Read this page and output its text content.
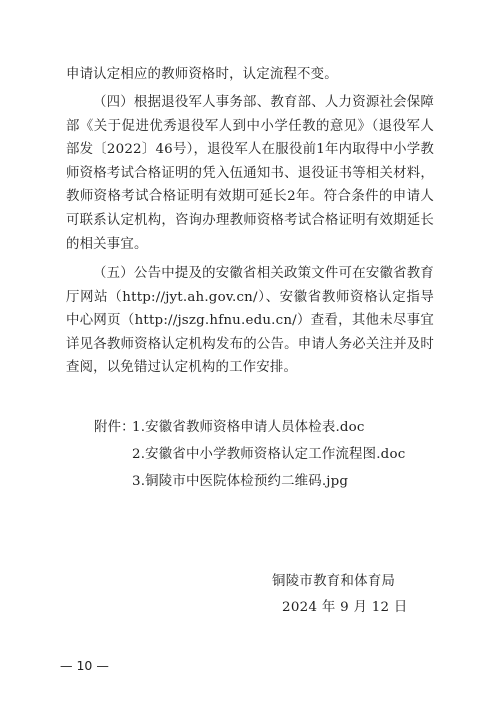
申请认定相应的教师资格时，认定流程不变。
（四）根据退役军人事务部、教育部、人力资源社会保障部《关于促进优秀退役军人到中小学任教的意见》（退役军人部发〔2022〕46号），退役军人在服役前1年内取得中小学教师资格考试合格证明的凭入伍通知书、退役证书等相关材料，教师资格考试合格证明有效期可延长2年。符合条件的申请人可联系认定机构，咨询办理教师资格考试合格证明有效期延长的相关事宜。
（五）公告中提及的安徽省相关政策文件可在安徽省教育厅网站（http://jyt.ah.gov.cn/）、安徽省教师资格认定指导中心网页（http://jszg.hfnu.edu.cn/）查看，其他未尽事宜详见各教师资格认定机构发布的公告。申请人务必关注并及时查阅，以免错过认定机构的工作安排。
附件：
1.安徽省教师资格申请人员体检表.doc
2.安徽省中小学教师资格认定工作流程图.doc
3.铜陵市中医院体检预约二维码.jpg
铜陵市教育和体育局
2024 年 9 月 12 日
— 10 —
